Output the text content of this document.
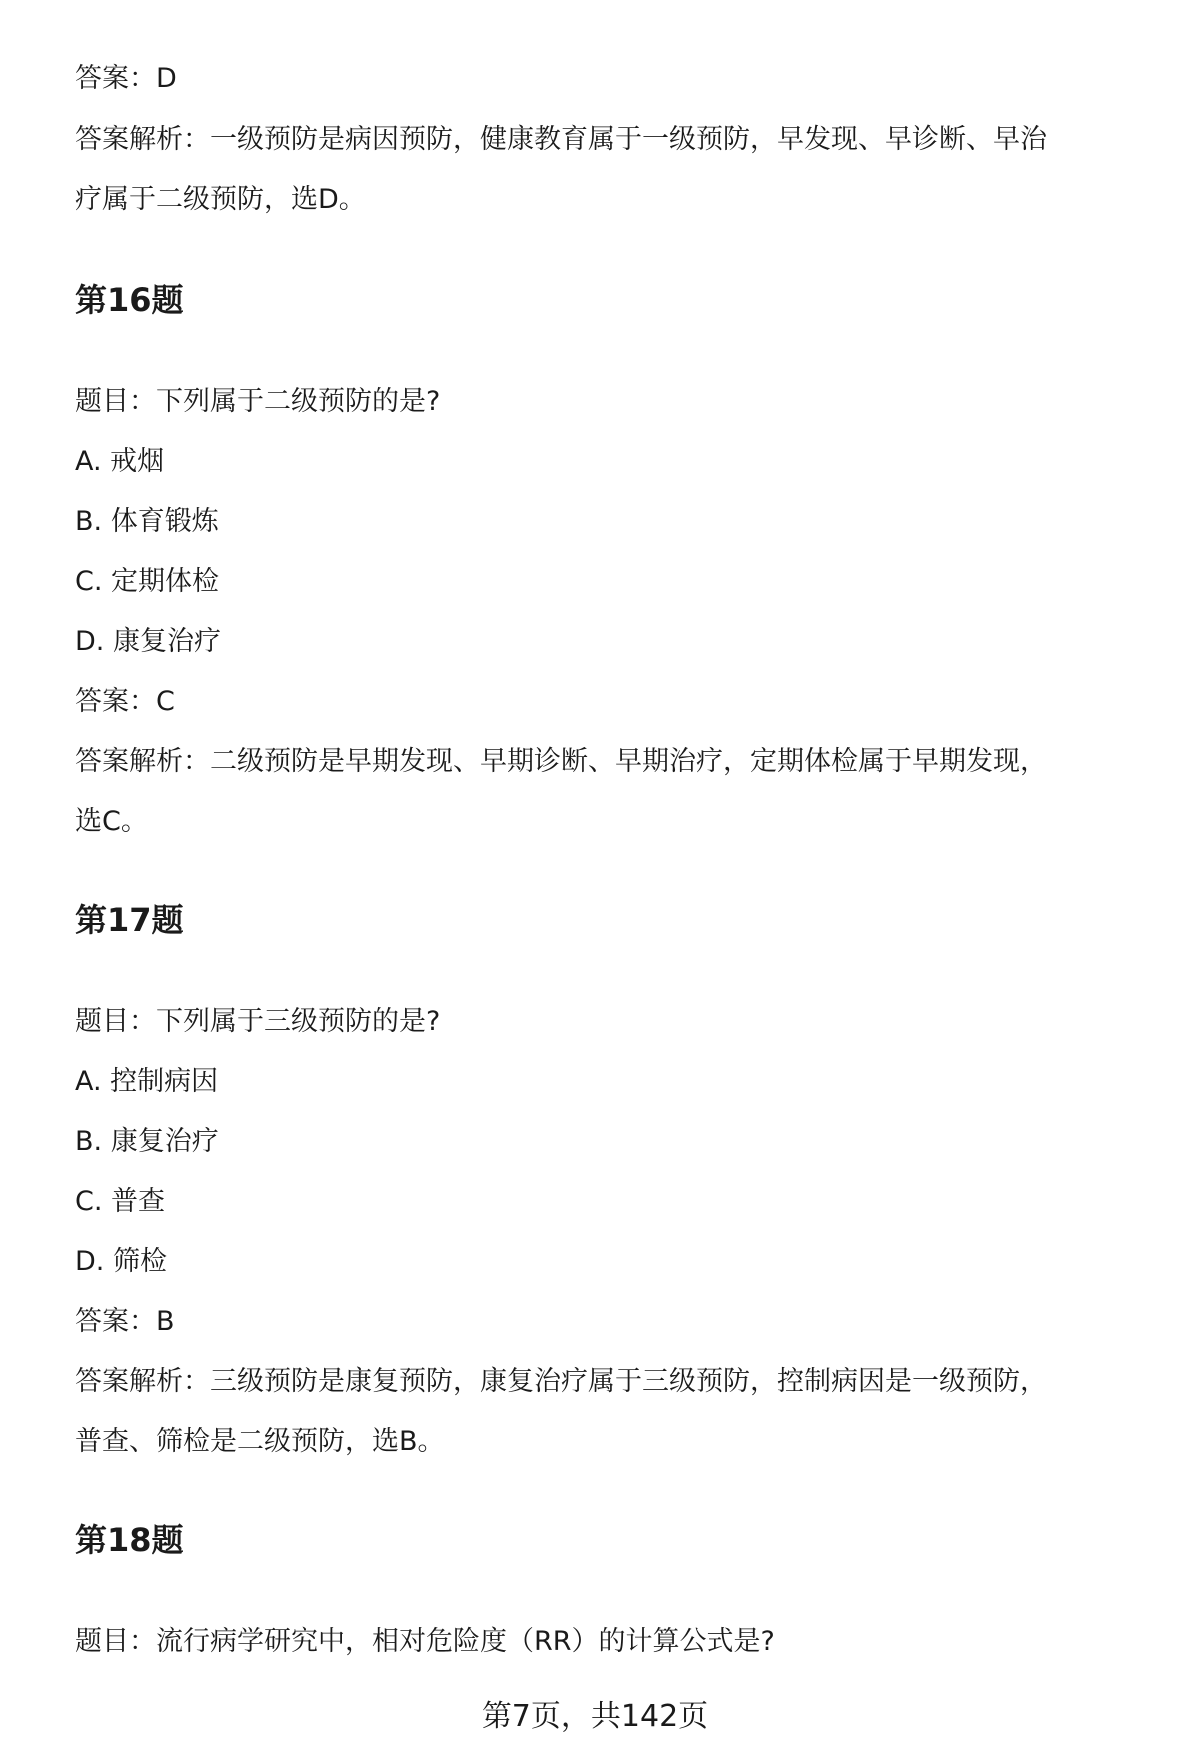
答案：D
答案解析：一级预防是病因预防，健康教育属于一级预防，早发现、早诊断、早治
疗属于二级预防，选D。
第16题
题目：下列属于二级预防的是?
A. 戒烟
B. 体育锻炼
C. 定期体检
D. 康复治疗
答案：C
答案解析：二级预防是早期发现、早期诊断、早期治疗，定期体检属于早期发现，
选C。
第17题
题目：下列属于三级预防的是?
A. 控制病因
B. 康复治疗
C. 普查
D. 筛检
答案：B
答案解析：三级预防是康复预防，康复治疗属于三级预防，控制病因是一级预防，
普查、筛检是二级预防，选B。
第18题
题目：流行病学研究中，相对危险度（RR）的计算公式是?
第7页，共142页
